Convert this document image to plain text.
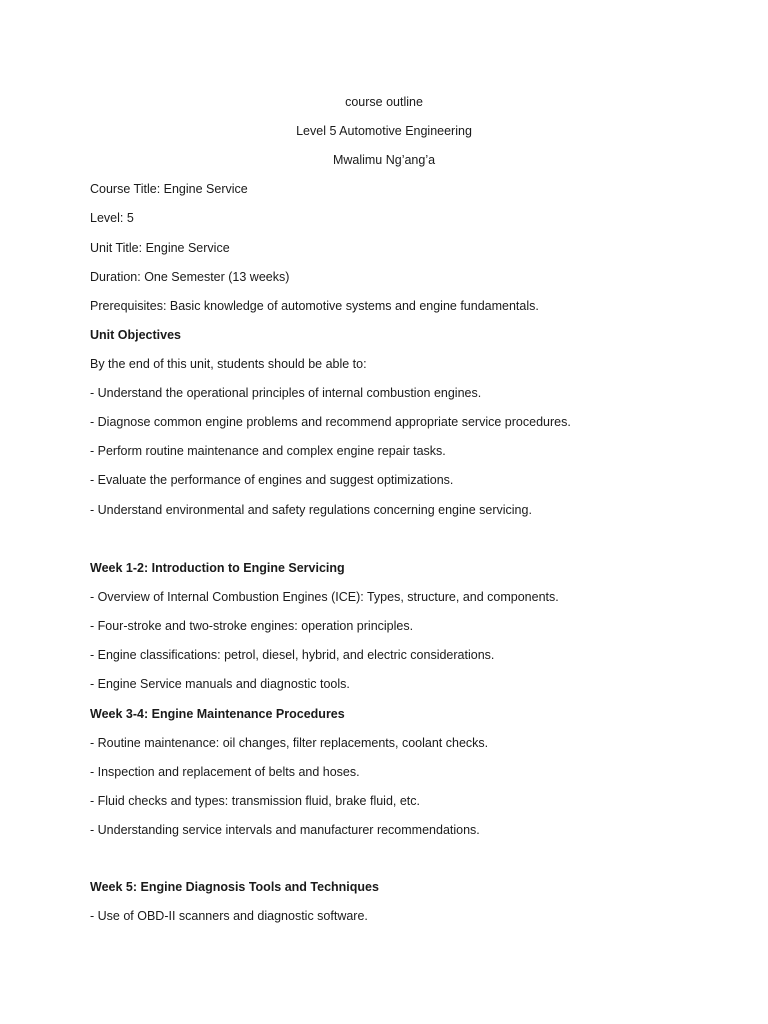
course outline
Level 5 Automotive Engineering
Mwalimu Ng’ang’a
Course Title: Engine Service
Level: 5
Unit Title: Engine Service
Duration: One Semester (13 weeks)
Prerequisites: Basic knowledge of automotive systems and engine fundamentals.
Unit Objectives
By the end of this unit, students should be able to:
- Understand the operational principles of internal combustion engines.
- Diagnose common engine problems and recommend appropriate service procedures.
- Perform routine maintenance and complex engine repair tasks.
- Evaluate the performance of engines and suggest optimizations.
- Understand environmental and safety regulations concerning engine servicing.
Week 1-2: Introduction to Engine Servicing
- Overview of Internal Combustion Engines (ICE): Types, structure, and components.
- Four-stroke and two-stroke engines: operation principles.
- Engine classifications: petrol, diesel, hybrid, and electric considerations.
- Engine Service manuals and diagnostic tools.
Week 3-4: Engine Maintenance Procedures
- Routine maintenance: oil changes, filter replacements, coolant checks.
- Inspection and replacement of belts and hoses.
- Fluid checks and types: transmission fluid, brake fluid, etc.
- Understanding service intervals and manufacturer recommendations.
Week 5: Engine Diagnosis Tools and Techniques
- Use of OBD-II scanners and diagnostic software.
